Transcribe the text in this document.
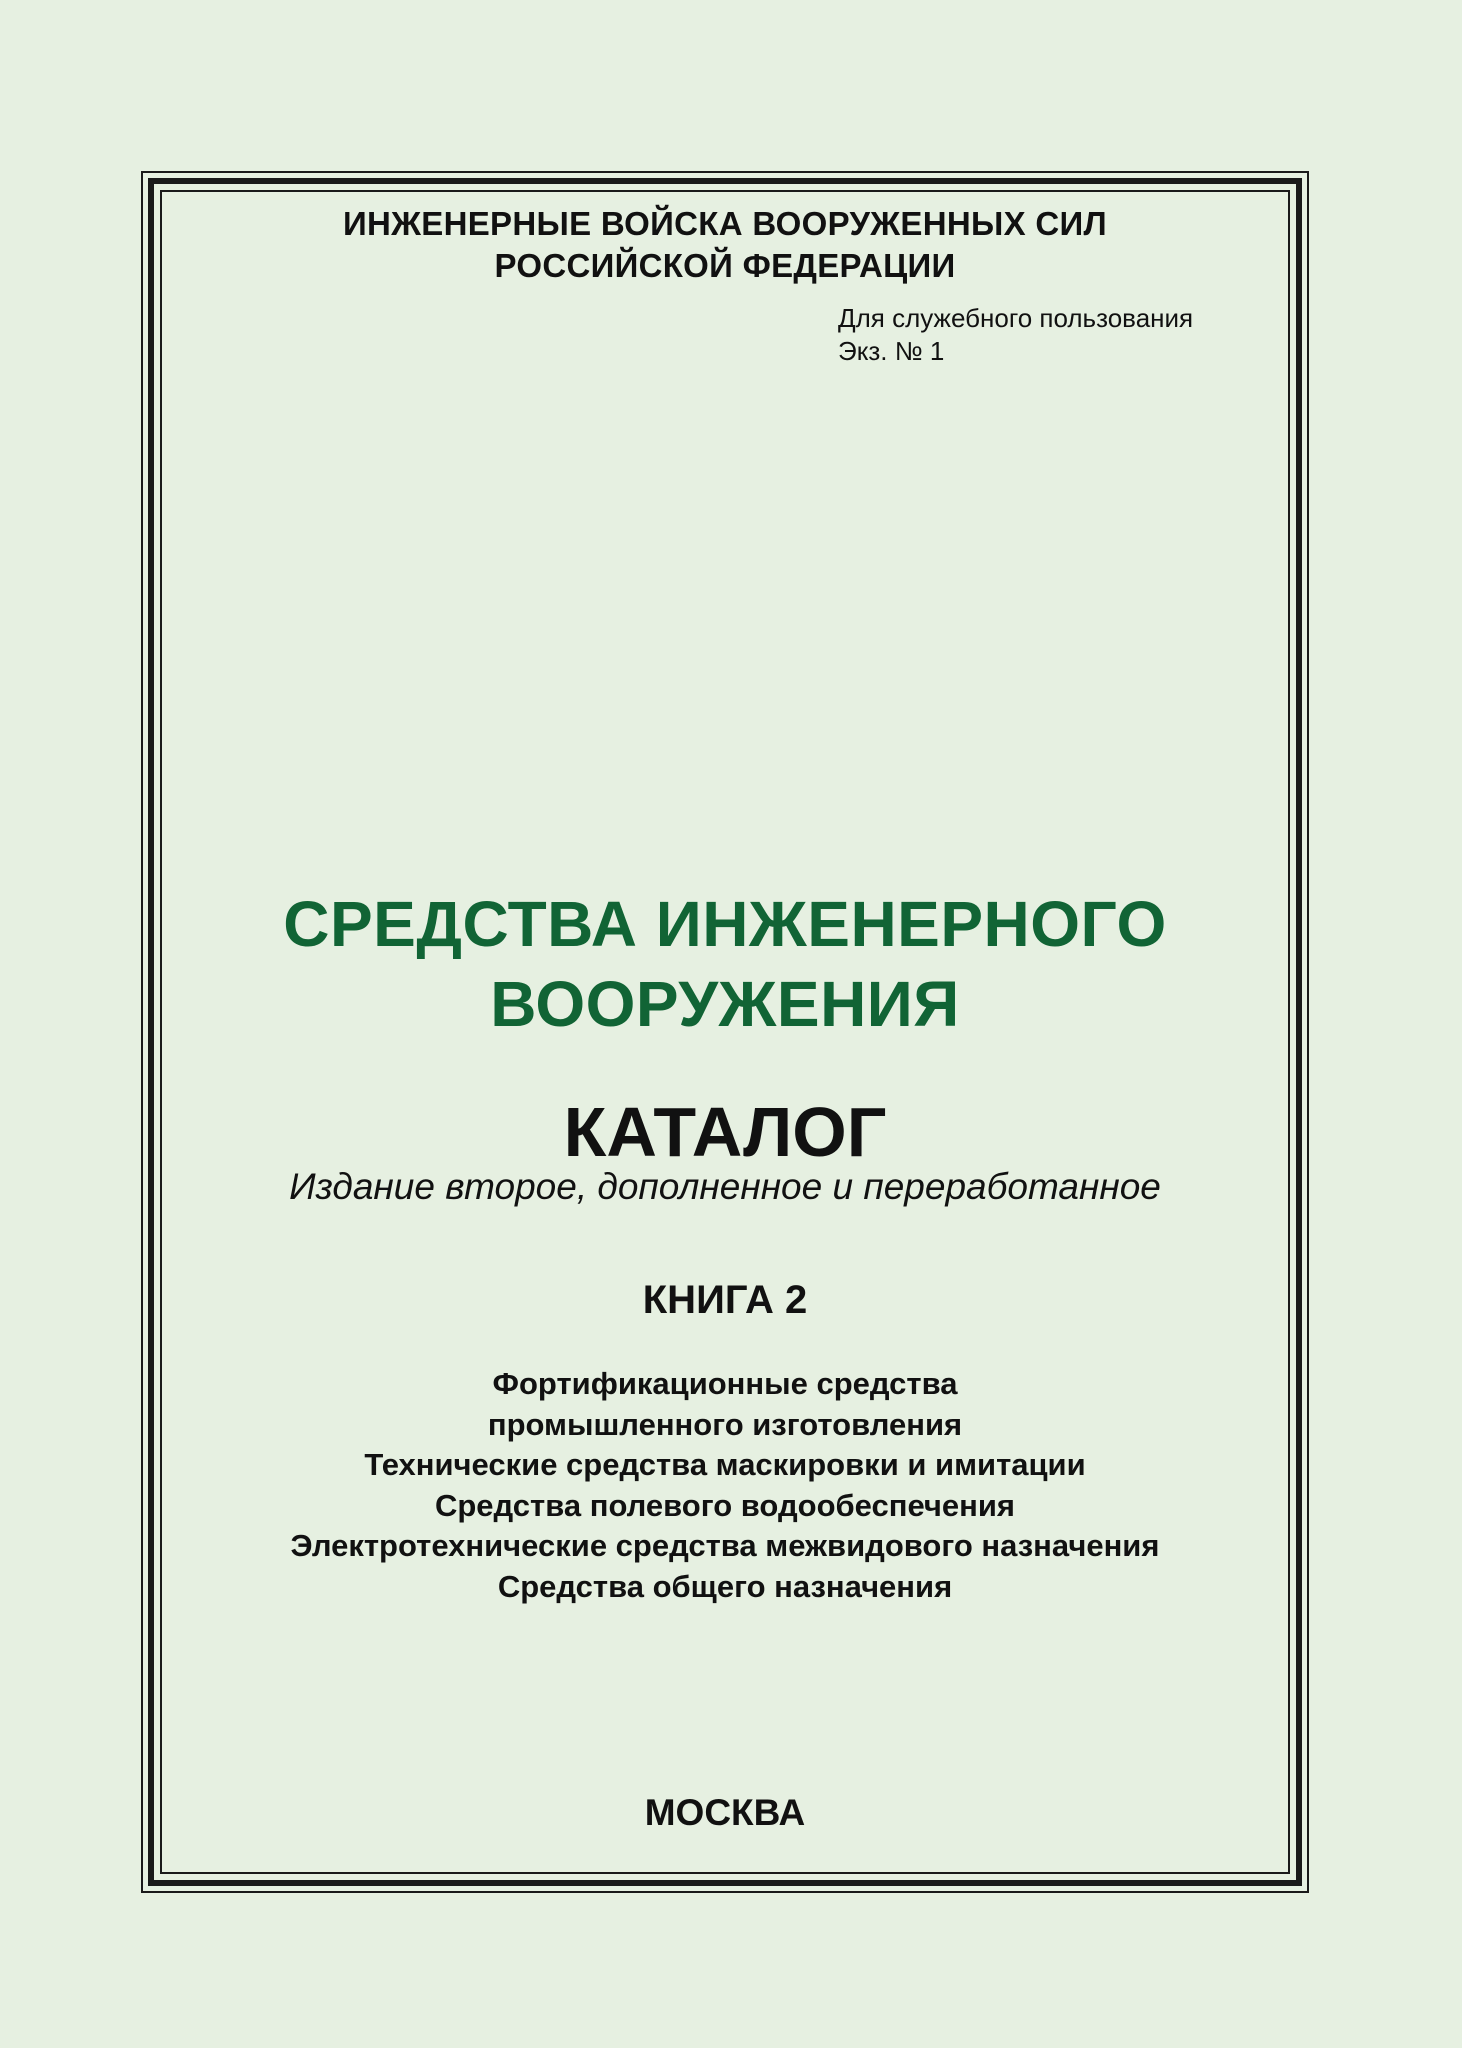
ИНЖЕНЕРНЫЕ ВОЙСКА ВООРУЖЕННЫХ СИЛ
РОССИЙСКОЙ ФЕДЕРАЦИИ
Для служебного пользования
Экз. № 1
СРЕДСТВА ИНЖЕНЕРНОГО
ВООРУЖЕНИЯ
КАТАЛОГ
Издание второе, дополненное и переработанное
КНИГА 2
Фортификационные средства
промышленного изготовления
Технические средства маскировки и имитации
Средства полевого водообеспечения
Электротехнические средства межвидового назначения
Средства общего назначения
МОСКВА
